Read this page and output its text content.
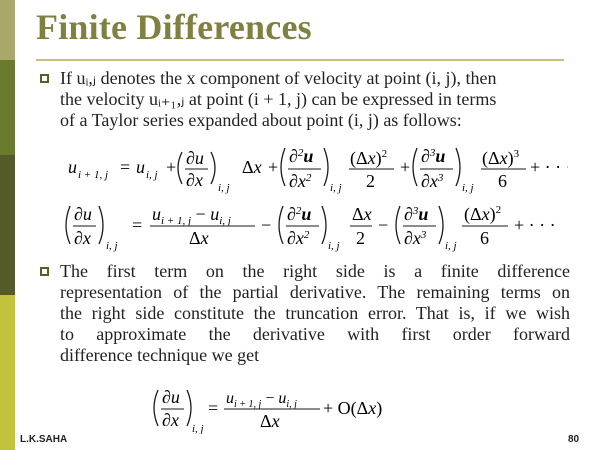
Finite Differences
If uᵢ,ⱼ denotes the x component of velocity at point (i, j), then
the velocity uᵢ₊₁,ⱼ at point (i + 1, j) can be expressed in terms
of a Taylor series expanded about point (i, j) as follows:
u i + 1, j = u i, j + ∂u
∂x i, j
Δx +
∂$^2$u
$\partial x^2$
i, j
$(\Delta x)^2$
2
+
∂$^3$u
$\partial x^3$
i, j
$(\Delta x)^3$
6
+ · · ·
∂u
∂x i, j
=
$u_{i + 1, j} - u_{i, j}$
Δx
−
∂$^2$u
$\partial x^2$
i, j
Δx
2
−
∂$^3$u
$\partial x^3$
i, j
$(\Delta x)^2$
6
+ · · ·
The first term on the right side is a finite difference
representation of the partial derivative. The remaining terms on
the right side constitute the truncation error. That is, if we wish
to approximate the derivative with first order forward
difference technique we get
∂u
∂x i, j
= $u_{i + 1, j} - u_{i, j}$
Δx
+ O(Δx)
L.K.SAHA	80
